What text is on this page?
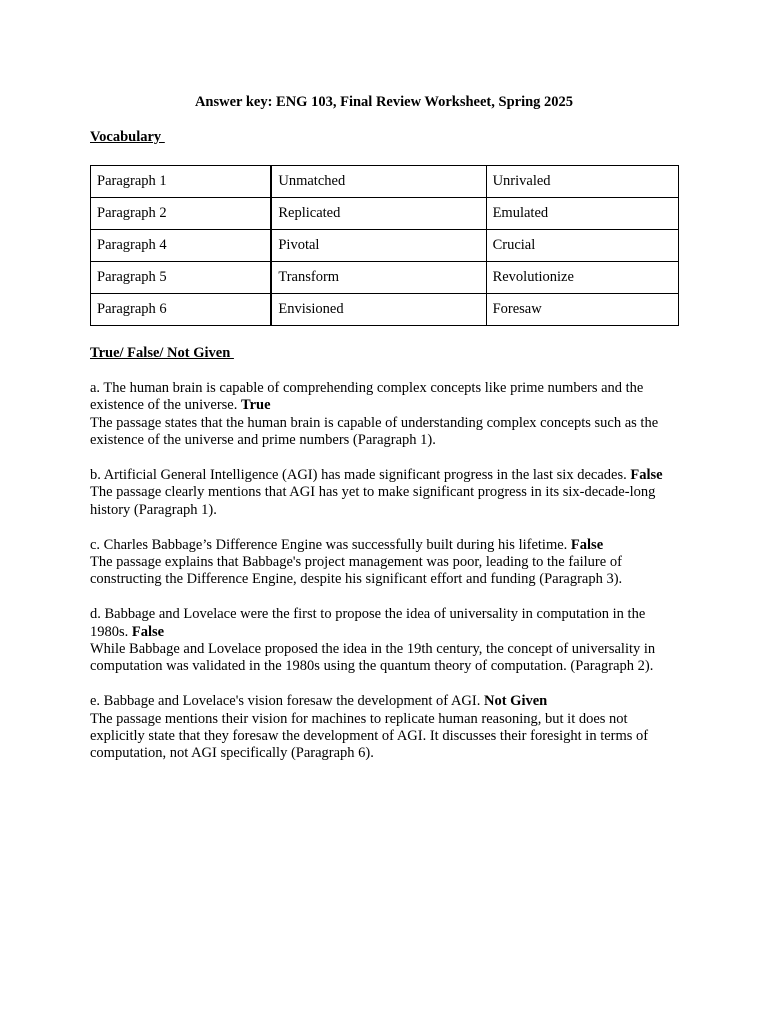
Answer key: ENG 103, Final Review Worksheet, Spring 2025
Vocabulary
Paragraph 1	Unmatched	Unrivaled
Paragraph 2	Replicated	Emulated
Paragraph 4	Pivotal	Crucial
Paragraph 5	Transform	Revolutionize
Paragraph 6	Envisioned	Foresaw
True/ False/ Not Given

a. The human brain is capable of comprehending complex concepts like prime numbers and the existence of the universe. True
The passage states that the human brain is capable of understanding complex concepts such as the existence of the universe and prime numbers (Paragraph 1).

b. Artificial General Intelligence (AGI) has made significant progress in the last six decades. False
The passage clearly mentions that AGI has yet to make significant progress in its six-decade-long history (Paragraph 1).

c. Charles Babbage’s Difference Engine was successfully built during his lifetime. False
The passage explains that Babbage's project management was poor, leading to the failure of constructing the Difference Engine, despite his significant effort and funding (Paragraph 3).

d. Babbage and Lovelace were the first to propose the idea of universality in computation in the 1980s. False
While Babbage and Lovelace proposed the idea in the 19th century, the concept of universality in computation was validated in the 1980s using the quantum theory of computation. (Paragraph 2).

e. Babbage and Lovelace's vision foresaw the development of AGI. Not Given
The passage mentions their vision for machines to replicate human reasoning, but it does not explicitly state that they foresaw the development of AGI. It discusses their foresight in terms of computation, not AGI specifically (Paragraph 6).
